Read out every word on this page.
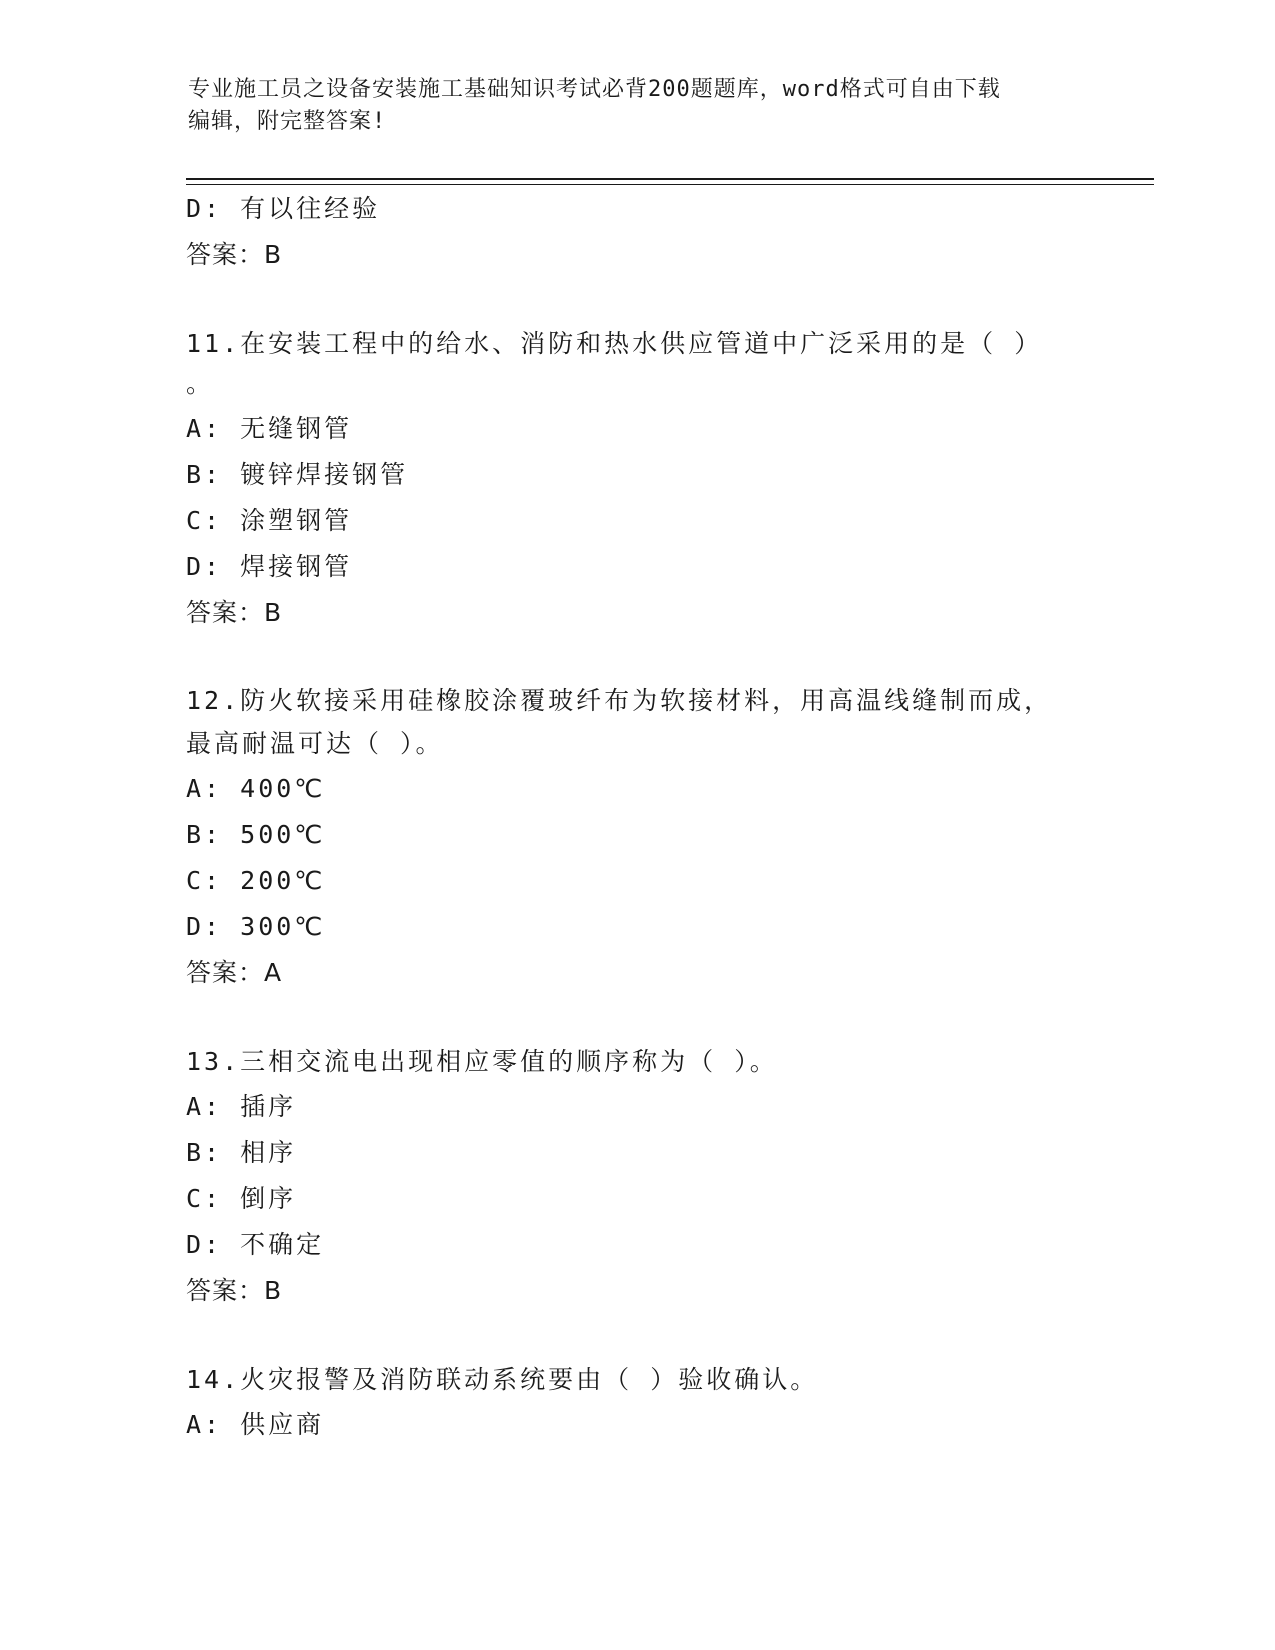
专业施工员之设备安装施工基础知识考试必背200题题库，word格式可自由下载
编辑，附完整答案!
D: 有以往经验
答案：B
11.在安装工程中的给水、消防和热水供应管道中广泛采用的是（ ）
。
A: 无缝钢管
B: 镀锌焊接钢管
C: 涂塑钢管
D: 焊接钢管
答案：B
12.防火软接采用硅橡胶涂覆玻纤布为软接材料，用高温线缝制而成，
最高耐温可达（ ）。
A: 400℃
B: 500℃
C: 200℃
D: 300℃
答案：A
13.三相交流电出现相应零值的顺序称为（ ）。
A: 插序
B: 相序
C: 倒序
D: 不确定
答案：B
14.火灾报警及消防联动系统要由（ ）验收确认。
A: 供应商
